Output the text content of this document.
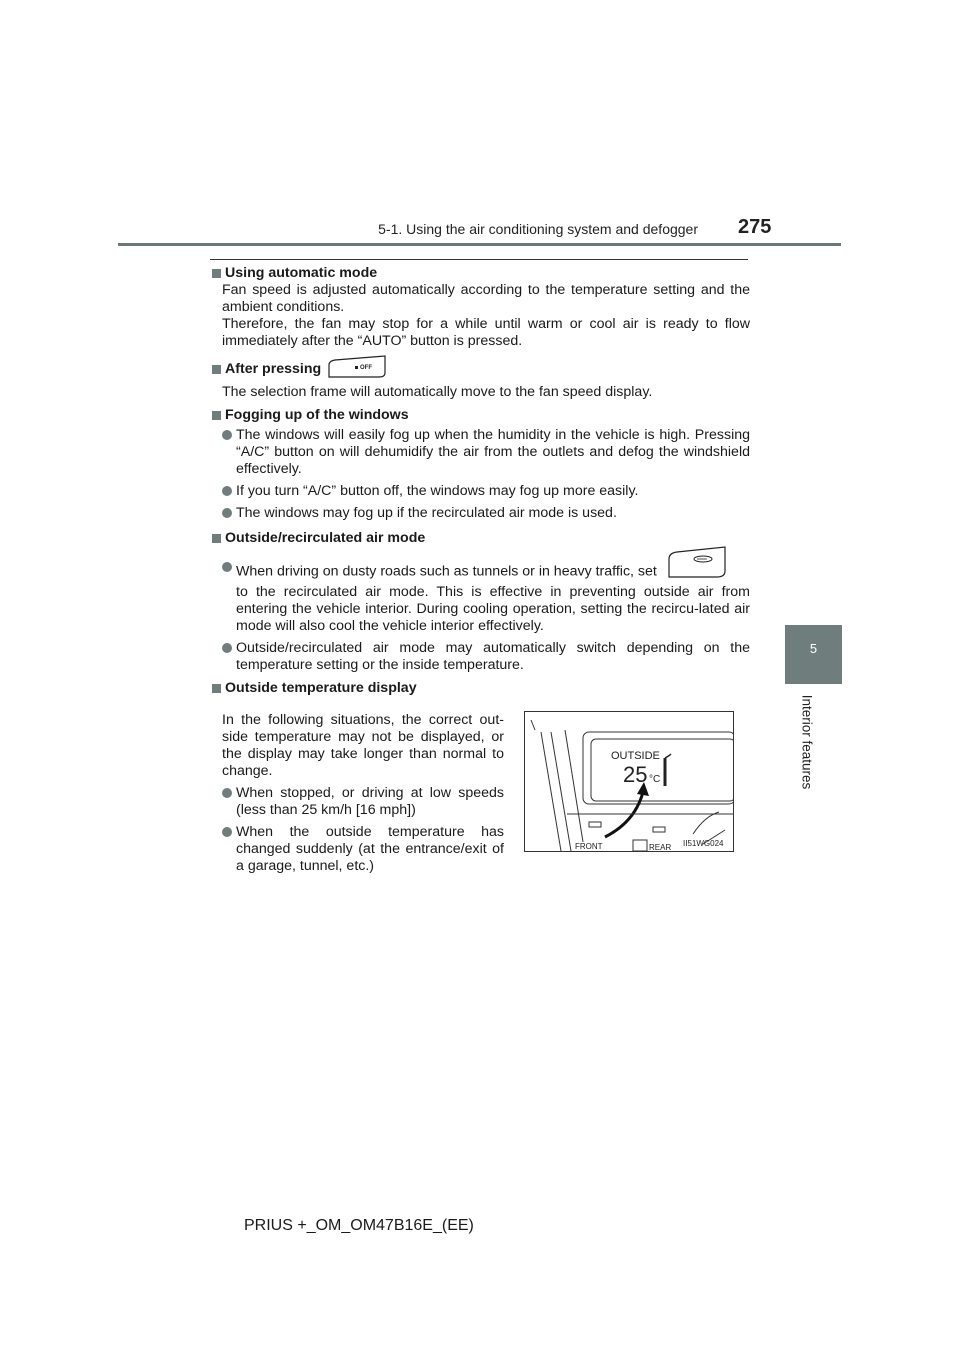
5-1. Using the air conditioning system and defogger 275
5
Interior features
Using automatic mode
Fan speed is adjusted automatically according to the temperature setting and the ambient conditions.
Therefore, the fan may stop for a while until warm or cool air is ready to flow immediately after the “AUTO” button is pressed.
After pressing	OFF
The selection frame will automatically move to the fan speed display.
Fogging up of the windows
The windows will easily fog up when the humidity in the vehicle is high. Pressing “A/C” button on will dehumidify the air from the outlets and defog the windshield effectively.
If you turn “A/C” button off, the windows may fog up more easily.
The windows may fog up if the recirculated air mode is used.
Outside/recirculated air mode
When driving on dusty roads such as tunnels or in heavy traffic, set
to the recirculated air mode. This is effective in preventing outside air from entering the vehicle interior. During cooling operation, setting the recircu-lated air mode will also cool the vehicle interior effectively.
Outside/recirculated air mode may automatically switch depending on the temperature setting or the inside temperature.
Outside temperature display
In the following situations, the correct out-side temperature may not be displayed, or the display may take longer than normal to change.
When stopped, or driving at low speeds (less than 25 km/h [16 mph])
When the outside temperature has changed suddenly (at the entrance/exit of a garage, tunnel, etc.)
OUTSIDE
25 °C
FRONT	REAR II51WG024
PRIUS +_OM_OM47B16E_(EE)
